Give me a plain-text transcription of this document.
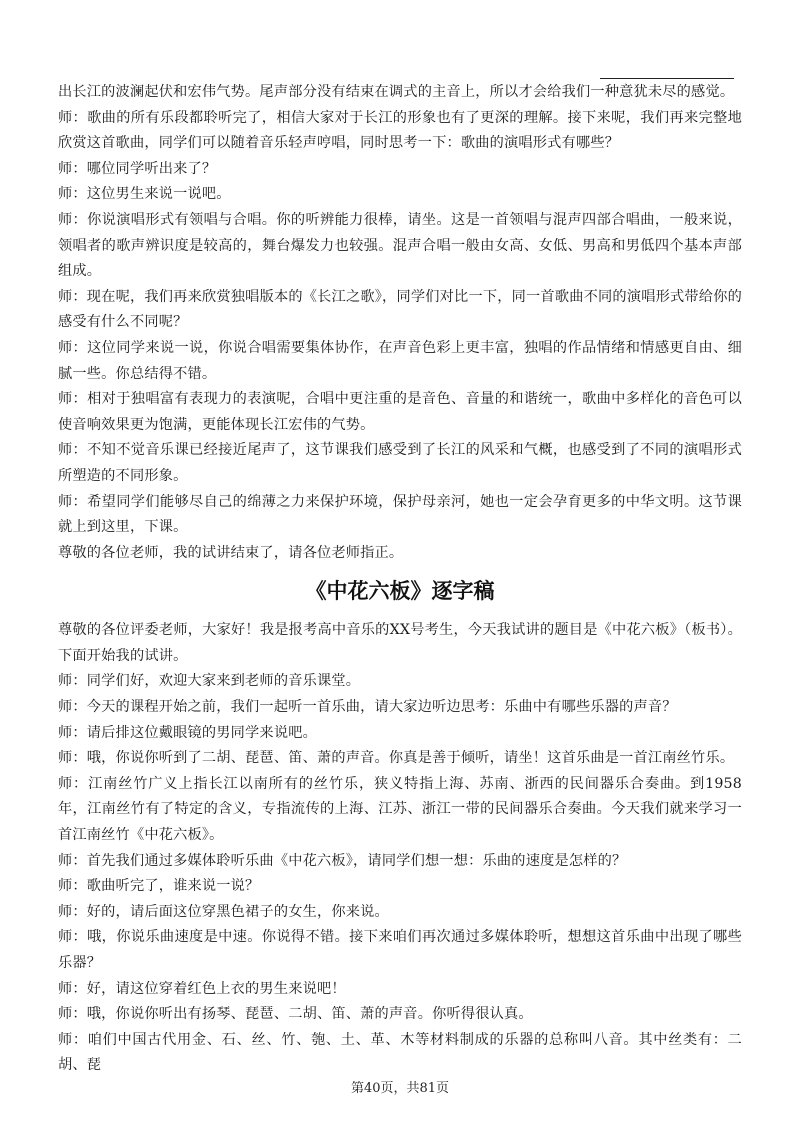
出长江的波澜起伏和宏伟气势。尾声部分没有结束在调式的主音上，所以才会给我们一种意犹未尽的感觉。

师：歌曲的所有乐段都聆听完了，相信大家对于长江的形象也有了更深的理解。接下来呢，我们再来完整地欣赏这首歌曲，同学们可以随着音乐轻声哼唱，同时思考一下：歌曲的演唱形式有哪些？

师：哪位同学听出来了？

师：这位男生来说一说吧。

师：你说演唱形式有领唱与合唱。你的听辨能力很棒，请坐。这是一首领唱与混声四部合唱曲，一般来说，领唱者的歌声辨识度是较高的，舞台爆发力也较强。混声合唱一般由女高、女低、男高和男低四个基本声部组成。

师：现在呢，我们再来欣赏独唱版本的《长江之歌》，同学们对比一下，同一首歌曲不同的演唱形式带给你的感受有什么不同呢？

师：这位同学来说一说，你说合唱需要集体协作，在声音色彩上更丰富，独唱的作品情绪和情感更自由、细腻一些。你总结得不错。

师：相对于独唱富有表现力的表演呢，合唱中更注重的是音色、音量的和谐统一，歌曲中多样化的音色可以使音响效果更为饱满，更能体现长江宏伟的气势。

师：不知不觉音乐课已经接近尾声了，这节课我们感受到了长江的风采和气概，也感受到了不同的演唱形式所塑造的不同形象。

师：希望同学们能够尽自己的绵薄之力来保护环境，保护母亲河，她也一定会孕育更多的中华文明。这节课就上到这里，下课。

尊敬的各位老师，我的试讲结束了，请各位老师指正。

《中花六板》逐字稿

尊敬的各位评委老师，大家好！我是报考高中音乐的XX号考生，今天我试讲的题目是《中花六板》（板书）。下面开始我的试讲。

师：同学们好，欢迎大家来到老师的音乐课堂。

师：今天的课程开始之前，我们一起听一首乐曲，请大家边听边思考：乐曲中有哪些乐器的声音？

师：请后排这位戴眼镜的男同学来说吧。

师：哦，你说你听到了二胡、琵琶、笛、萧的声音。你真是善于倾听，请坐！这首乐曲是一首江南丝竹乐。

师：江南丝竹广义上指长江以南所有的丝竹乐，狭义特指上海、苏南、浙西的民间器乐合奏曲。到1958年，江南丝竹有了特定的含义，专指流传的上海、江苏、浙江一带的民间器乐合奏曲。今天我们就来学习一首江南丝竹《中花六板》。

师：首先我们通过多媒体聆听乐曲《中花六板》，请同学们想一想：乐曲的速度是怎样的？

师：歌曲听完了，谁来说一说？

师：好的，请后面这位穿黑色裙子的女生，你来说。

师：哦，你说乐曲速度是中速。你说得不错。接下来咱们再次通过多媒体聆听，想想这首乐曲中出现了哪些乐器？

师：好，请这位穿着红色上衣的男生来说吧！

师：哦，你说你听出有扬琴、琵琶、二胡、笛、萧的声音。你听得很认真。

师：咱们中国古代用金、石、丝、竹、匏、土、革、木等材料制成的乐器的总称叫八音。其中丝类有：二胡、琵

第40页，共81页
